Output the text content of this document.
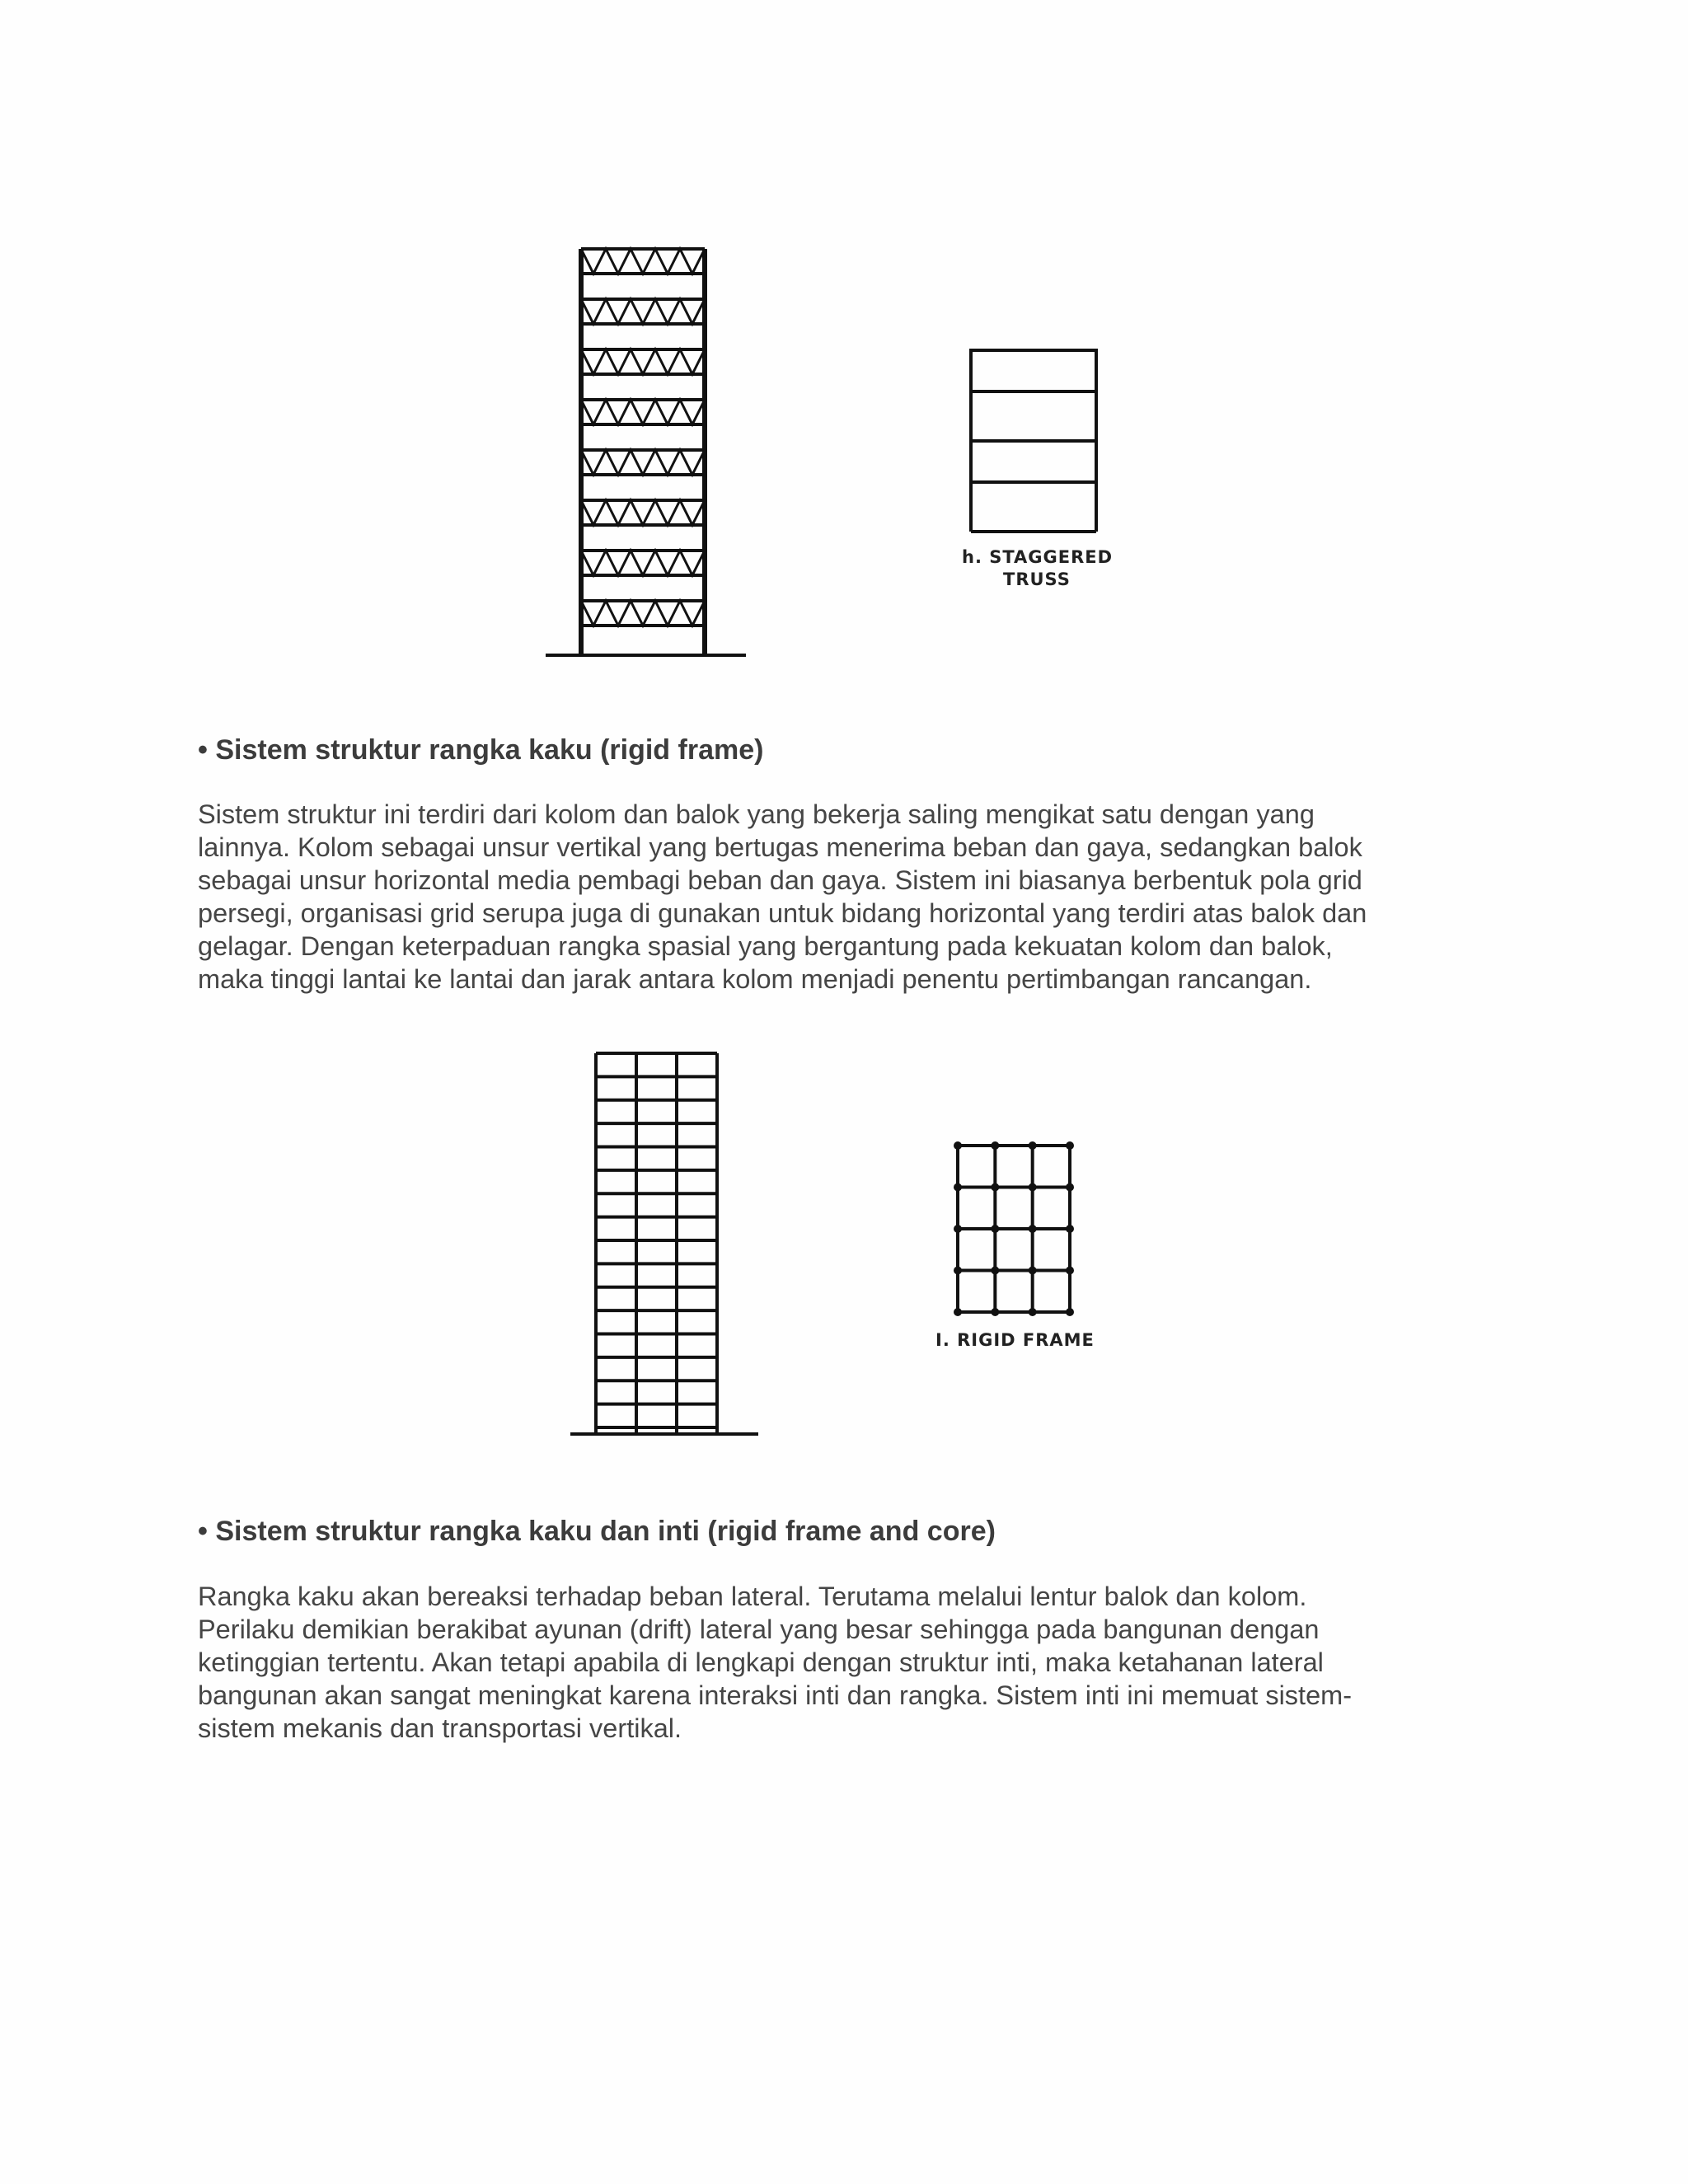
h. STAGGERED
TRUSS
• Sistem struktur rangka kaku (rigid frame)
Sistem struktur ini terdiri dari kolom dan balok yang bekerja saling mengikat satu dengan yang
lainnya. Kolom sebagai unsur vertikal yang bertugas menerima beban dan gaya, sedangkan balok
sebagai unsur horizontal media pembagi beban dan gaya. Sistem ini biasanya berbentuk pola grid
persegi, organisasi grid serupa juga di gunakan untuk bidang horizontal yang terdiri atas balok dan
gelagar. Dengan keterpaduan rangka spasial yang bergantung pada kekuatan kolom dan balok,
maka tinggi lantai ke lantai dan jarak antara kolom menjadi penentu pertimbangan rancangan.
I. RIGID FRAME
• Sistem struktur rangka kaku dan inti (rigid frame and core)
Rangka kaku akan bereaksi terhadap beban lateral. Terutama melalui lentur balok dan kolom.
Perilaku demikian berakibat ayunan (drift) lateral yang besar sehingga pada bangunan dengan
ketinggian tertentu. Akan tetapi apabila di lengkapi dengan struktur inti, maka ketahanan lateral
bangunan akan sangat meningkat karena interaksi inti dan rangka. Sistem inti ini memuat sistem-
sistem mekanis dan transportasi vertikal.
